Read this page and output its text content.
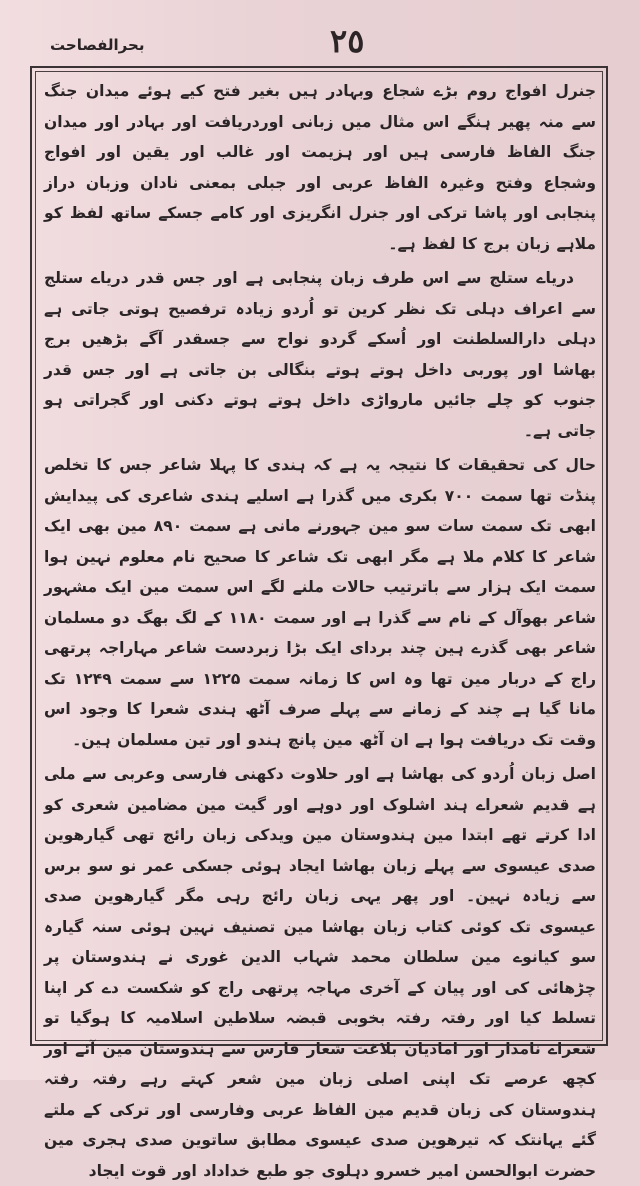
بحرالفصاحت	٢٥

جنرل افواج روم بڑے شجاع وبہادر ہیں بغیر فتح کیے ہوئے میدان جنگ سے منہ پھیر ہنگے اس مثال میں زبانی اوردریافت اور بہادر اور میدان جنگ الفاظ فارسی ہیں اور ہزیمت اور غالب اور یقین اور افواج وشجاع وفتح وغیرہ الفاظ عربی اور جبلی بمعنی نادان وزبان دراز پنجابی اور پاشا ترکی اور جنرل انگریزی اور کامے جسکے ساتھ لفظ کو ملاہے زبان برج کا لفظ ہے۔

دریاے ستلج سے اس طرف زبان پنجابی ہے اور جس قدر دریاے ستلج سے اعراف دہلی تک نظر کرین تو اُردو زیادہ ترفصیح ہوتی جاتی ہے دہلی دارالسلطنت اور اُسکے گردو نواح سے جسقدر آگے بڑھیں برج بھاشا اور پوربی داخل ہوتے ہوتے بنگالی بن جاتی ہے اور جس قدر جنوب کو چلے جائیں مارواڑی داخل ہوتے ہوتے دکنی اور گجراتی ہو جاتی ہے۔

حال کی تحقیقات کا نتیجہ یہ ہے کہ ہندی کا پہلا شاعر جس کا تخلص پنڈت تھا سمت ۷۰۰ بکری میں گذرا ہے اسلیے ہندی شاعری کی پیدایش ابھی تک سمت سات سو مین جہورنے مانی ہے سمت ۸۹۰ مین بھی ایک شاعر کا کلام ملا ہے مگر ابھی تک شاعر کا صحیح نام معلوم نہین ہوا سمت ایک ہزار سے باترتیب حالات ملنے لگے اس سمت مین ایک مشہور شاعر بھوآل کے نام سے گذرا ہے اور سمت ۱۱۸۰ کے لگ بھگ دو مسلمان شاعر بھی گذرے ہین چند بردای ایک بڑا زبردست شاعر مہاراجہ پرتھی راج کے دربار مین تھا وہ اس کا زمانہ سمت ۱۲۲۵ سے سمت ۱۲۴۹ تک مانا گیا ہے چند کے زمانے سے پہلے صرف آٹھ ہندی شعرا کا وجود اس وقت تک دریافت ہوا ہے ان آٹھ مین پانچ ہندو اور تین مسلمان ہین۔

اصل زبان اُردو کی بھاشا ہے اور حلاوت دکھنی فارسی وعربی سے ملی ہے قدیم شعراے ہند اشلوک اور دوہے اور گیت مین مضامین شعری کو ادا کرتے تھے ابتدا مین ہندوستان مین ویدکی زبان رائج تھی گیارھوین صدی عیسوی سے پہلے زبان بھاشا ایجاد ہوئی جسکی عمر نو سو برس سے زیادہ نہین۔ اور پھر یہی زبان رائج رہی مگر گیارھوین صدی عیسوی تک کوئی کتاب زبان بھاشا مین تصنیف نہین ہوئی سنہ گیارہ سو کیانوے مین سلطان محمد شہاب الدین غوری نے ہندوستان پر چڑھائی کی اور پیان کے آخری مہاجہ پرتھی راج کو شکست دے کر اپنا تسلط کیا اور رفتہ رفتہ بخوبی قبضہ سلاطین اسلامیہ کا ہوگیا تو شعراے نامدار اور امادیان بلاغت شعار فارس سے ہندوستان مین آئے اور کچھ عرصے تک اپنی اصلی زبان مین شعر کہتے رہے رفتہ رفتہ ہندوستان کی زبان قدیم مین الفاظ عربی وفارسی اور ترکی کے ملتے گئے یہانتک کہ تیرھوین صدی عیسوی مطابق ساتوین صدی ہجری مین حضرت ابوالحسن امیر خسرو دہلوی جو طبع خداداد اور قوت ایجاد
